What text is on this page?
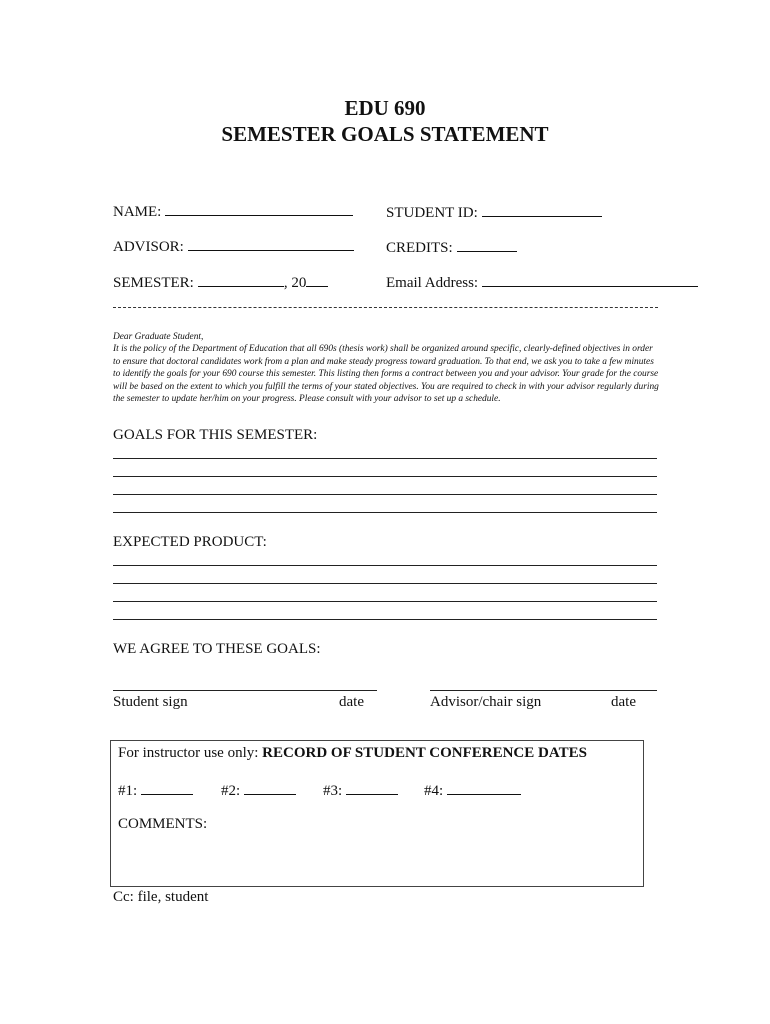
EDU 690
SEMESTER GOALS STATEMENT
NAME:	STUDENT ID:
ADVISOR:	CREDITS:
SEMESTER:	, 20	Email Address:

Dear Graduate Student,

It is the policy of the Department of Education that all 690s (thesis work) shall be organized around specific, clearly-defined objectives in order to ensure that doctoral candidates work from a plan and make steady progress toward graduation. To that end, we ask you to take a few minutes to identify the goals for your 690 course this semester. This listing then forms a contract between you and your advisor. Your grade for the course will be based on the extent to which you fulfill the terms of your stated objectives. You are required to check in with your advisor regularly during the semester to update her/him on your progress. Please consult with your advisor to set up a schedule.

GOALS FOR THIS SEMESTER:
EXPECTED PRODUCT:
WE AGREE TO THESE GOALS:
Student sign	date	Advisor/chair sign	date
For instructor use only: RECORD OF STUDENT CONFERENCE DATES
#1:	#2:	#3:	#4:
COMMENTS:
Cc: file, student
